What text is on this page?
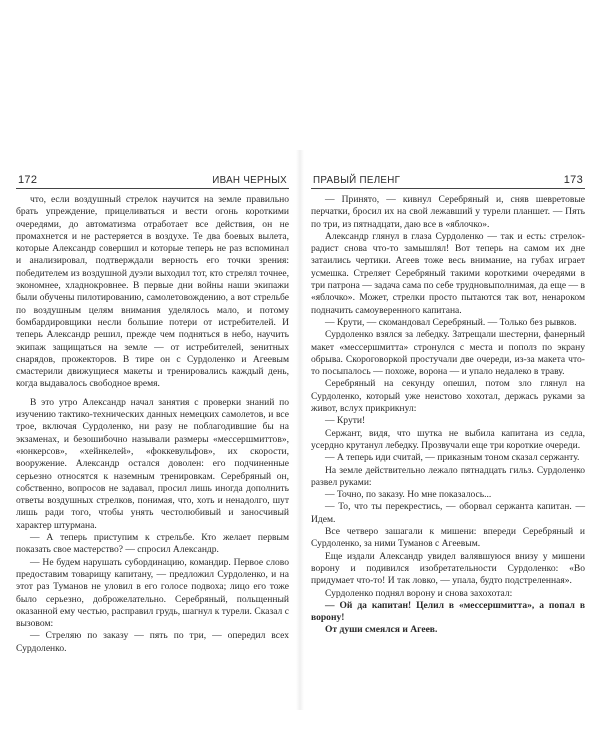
172	ИВАН ЧЕРНЫХ

что, если воздушный стрелок научится на земле правильно брать упреждение, прицеливаться и вести огонь короткими очередями, до автоматизма отработает все действия, он не промахнется и не растеряется в воздухе. Те два боевых вылета, которые Александр совершил и которые теперь не раз вспоминал и анализировал, подтверждали верность его точки зрения: победителем из воздушной дуэли выходил тот, кто стрелял точнее, экономнее, хладнокровнее. В первые дни войны наши экипажи были обучены пилотированию, самолетовождению, а вот стрельбе по воздушным целям внимания уделялось мало, и потому бомбардировщики несли большие потери от истребителей. И теперь Александр решил, прежде чем подняться в небо, научить экипаж защищаться на земле — от истребителей, зенитных снарядов, прожекторов. В тире он с Сурдоленко и Агеевым смастерили движущиеся макеты и тренировались каждый день, когда выдавалось свободное время.

В это утро Александр начал занятия с проверки знаний по изучению тактико-технических данных немецких самолетов, и все трое, включая Сурдоленко, ни разу не поблагодившие бы на экзаменах, и безошибочно называли размеры «мессершмиттов», «юнкерсов», «хейнкелей», «фоккевульфов», их скорости, вооружение. Александр остался доволен: его подчиненные серьезно относятся к наземным тренировкам. Серебряный он, собственно, вопросов не задавал, просил лишь иногда дополнить ответы воздушных стрелков, понимая, что, хоть и ненадолго, шут лишь ради того, чтобы унять честолюбивый и заносчивый характер штурмана.

— А теперь приступим к стрельбе. Кто желает первым показать свое мастерство? — спросил Александр.

— Не будем нарушать субординацию, командир. Первое слово предоставим товарищу капитану, — предложил Сурдоленко, и на этот раз Туманов не уловил в его голосе подвоха; лицо его тоже было серьезно, доброжелательно. Серебряный, польщенный оказанной ему честью, расправил грудь, шагнул к турели. Сказал с вызовом:

— Стреляю по заказу — пять по три, — опередил всех Сурдоленко.

ПРАВЫЙ ПЕЛЕНГ	173

— Принято, — кивнул Серебряный и, сняв шевретовые перчатки, бросил их на свой лежавший у турели планшет. — Пять по три, из пятнадцати, даю все в «яблочко».

Александр глянул в глаза Сурдоленко — так и есть: стрелок-радист снова что-то замышлял! Вот теперь на самом их дне затаились чертики. Агеев тоже весь внимание, на губах играет усмешка. Стреляет Серебряный такими короткими очередями в три патрона — задача сама по себе трудновыполнимая, да еще — в «яблочко». Может, стрелки просто пытаются так вот, ненароком подначить самоуверенного капитана.

— Крути, — скомандовал Серебряный. — Только без рывков.

Сурдоленко взялся за лебедку. Затрещали шестерни, фанерный макет «мессершмитта» стронулся с места и пополз по экрану обрыва. Скороговоркой простучали две очереди, из-за макета что-то посыпалось — похоже, ворона — и упало недалеко в траву.

Серебряный на секунду опешил, потом зло глянул на Сурдоленко, который уже неистово хохотал, держась руками за живот, вслух прикрикнул:

— Крути!

Сержант, видя, что шутка не выбила капитана из седла, усердно крутанул лебедку. Прозвучали еще три короткие очереди.

— А теперь иди считай, — приказным тоном сказал сержанту.

На земле действительно лежало пятнадцать гильз. Сурдоленко развел руками:

— Точно, по заказу. Но мне показалось...

— То, что ты перекрестись, — оборвал сержанта капитан. — Идем.

Все четверо зашагали к мишени: впереди Серебряный и Сурдоленко, за ними Туманов с Агеевым.

Еще издали Александр увидел валявшуюся внизу у мишени ворону и подивился изобретательности Сурдоленко: «Во придумает что-то! И так ловко, — упала, будто подстреленная».

Сурдоленко поднял ворону и снова захохотал:

— Ой да капитан! Целил в «мессершмитта», а попал в ворону!

От души смеялся и Агеев.
